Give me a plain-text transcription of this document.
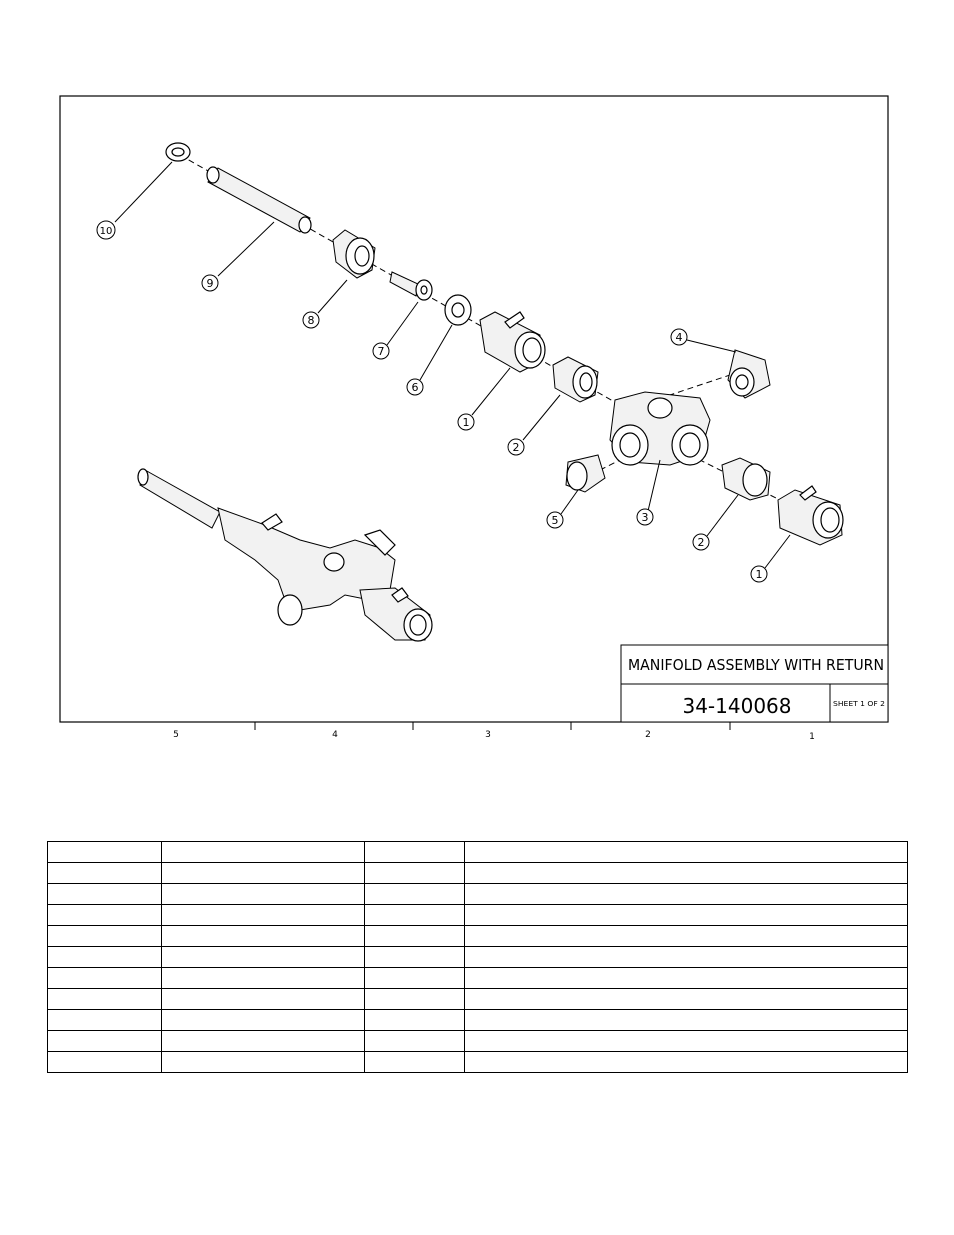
10
9
8
7
6
1
2
4
5	3
2
1
MANIFOLD ASSEMBLY WITH RETURN
34-140068	SHEET 1 OF 2
5	4	3	2	1
